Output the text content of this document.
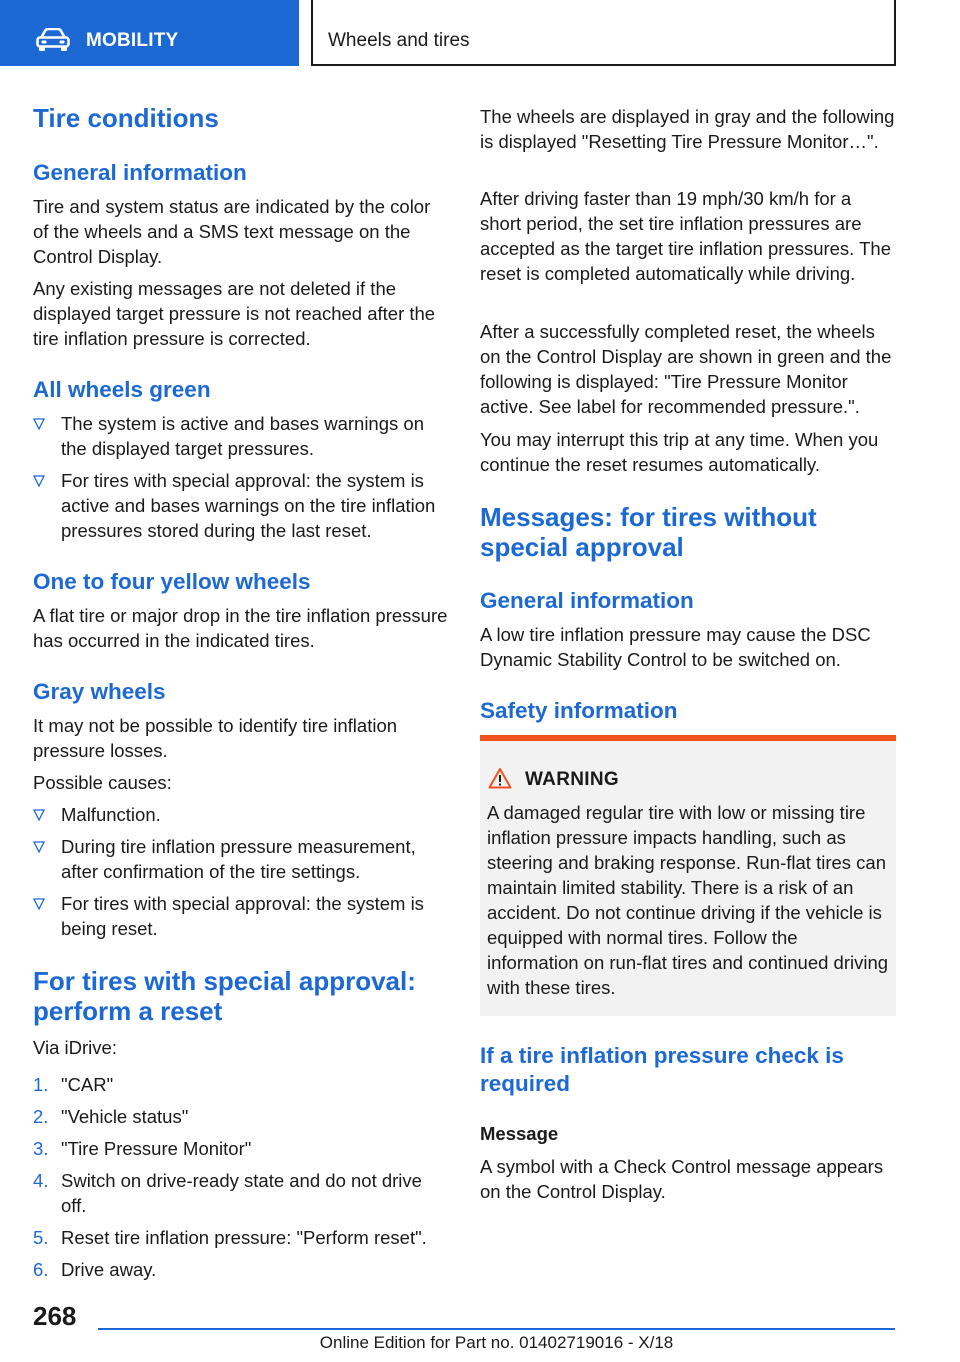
MOBILITY	Wheels and tires
Tire conditions
General information
Tire and system status are indicated by the color of the wheels and a SMS text message on the Control Display.
Any existing messages are not deleted if the displayed target pressure is not reached after the tire inflation pressure is corrected.
All wheels green
The system is active and bases warnings on the displayed target pressures.
For tires with special approval: the system is active and bases warnings on the tire inflation pressures stored during the last reset.
One to four yellow wheels
A flat tire or major drop in the tire inflation pressure has occurred in the indicated tires.
Gray wheels
It may not be possible to identify tire inflation pressure losses.
Possible causes:
Malfunction.
During tire inflation pressure measurement, after confirmation of the tire settings.
For tires with special approval: the system is being reset.
For tires with special approval: perform a reset
Via iDrive:
1. "CAR"
2. "Vehicle status"
3. "Tire Pressure Monitor"
4. Switch on drive-ready state and do not drive off.
5. Reset tire inflation pressure: "Perform reset".
6. Drive away.
The wheels are displayed in gray and the following is displayed "Resetting Tire Pressure Monitor…".
After driving faster than 19 mph/30 km/h for a short period, the set tire inflation pressures are accepted as the target tire inflation pressures. The reset is completed automatically while driving.
After a successfully completed reset, the wheels on the Control Display are shown in green and the following is displayed: "Tire Pressure Monitor active. See label for recommended pressure.".
You may interrupt this trip at any time. When you continue the reset resumes automatically.
Messages: for tires without special approval
General information
A low tire inflation pressure may cause the DSC Dynamic Stability Control to be switched on.
Safety information
WARNING
A damaged regular tire with low or missing tire inflation pressure impacts handling, such as steering and braking response. Run-flat tires can maintain limited stability. There is a risk of an accident. Do not continue driving if the vehicle is equipped with normal tires. Follow the information on run-flat tires and continued driving with these tires.
If a tire inflation pressure check is required
Message
A symbol with a Check Control message appears on the Control Display.
268
Online Edition for Part no. 01402719016 - X/18
